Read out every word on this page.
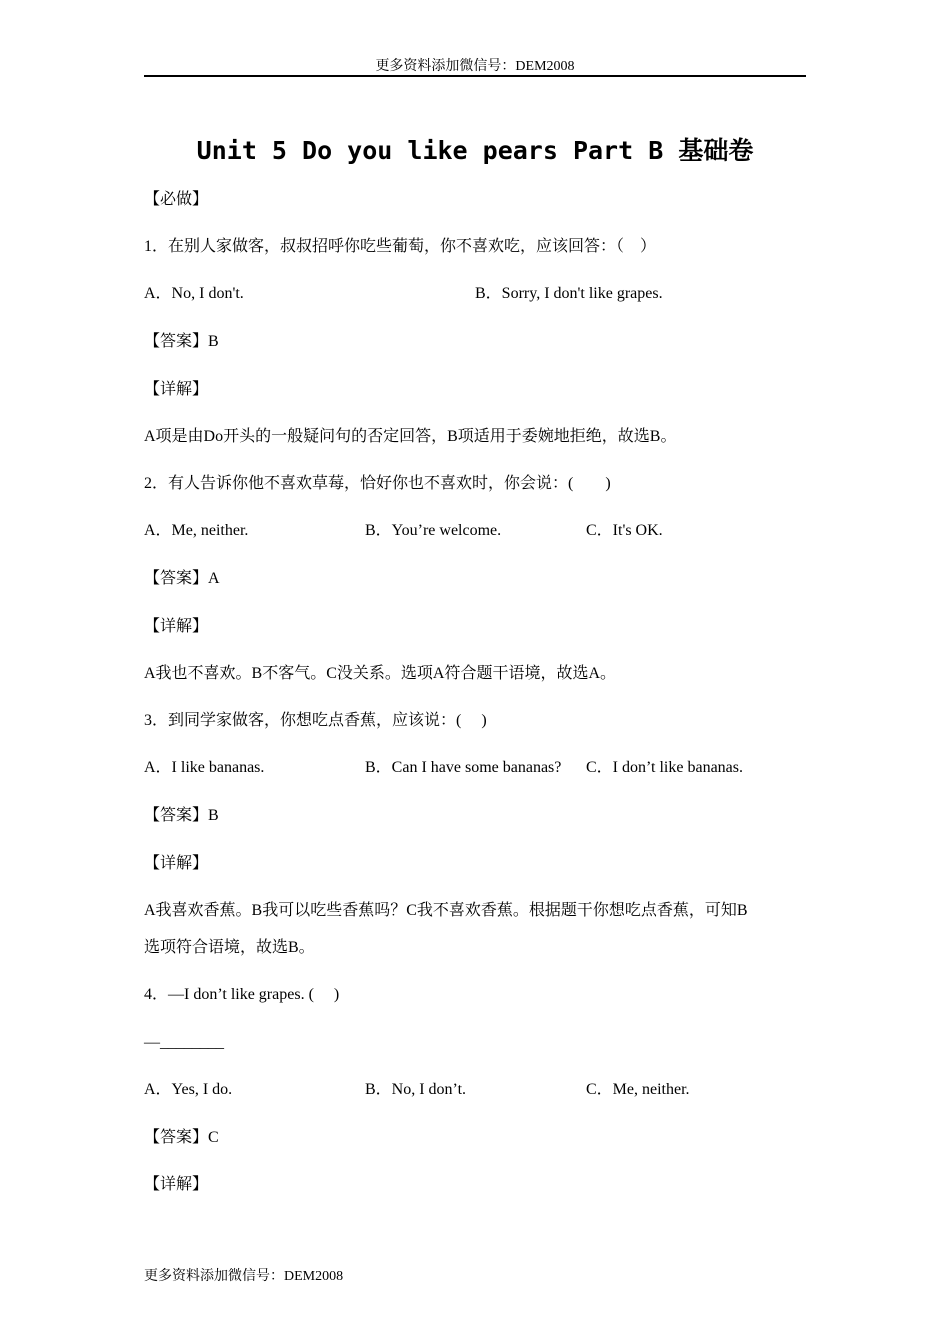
更多资料添加微信号：DEM2008
Unit 5 Do you like pears Part B 基础卷
【必做】
1．在别人家做客，叔叔招呼你吃些葡萄，你不喜欢吃，应该回答：（　）
A．No, I don't.	B．Sorry, I don't like grapes.
【答案】B
【详解】
A项是由Do开头的一般疑问句的否定回答，B项适用于委婉地拒绝，故选B。
2．有人告诉你他不喜欢草莓，恰好你也不喜欢时，你会说：(　　)
A．Me, neither.	B．You’re welcome.	C．It's OK.
【答案】A
【详解】
A我也不喜欢。B不客气。C没关系。选项A符合题干语境，故选A。
3．到同学家做客，你想吃点香蕉，应该说：(　 )
A．I like bananas.	B．Can I have some bananas? C．I don’t like bananas.
【答案】B
【详解】
A我喜欢香蕉。B我可以吃些香蕉吗？C我不喜欢香蕉。根据题干你想吃点香蕉，可知B
选项符合语境，故选B。
4．—I don’t like grapes. (　 )
—________
A．Yes, I do.	B．No, I don’t.	C．Me, neither.
【答案】C
【详解】
更多资料添加微信号：DEM2008
